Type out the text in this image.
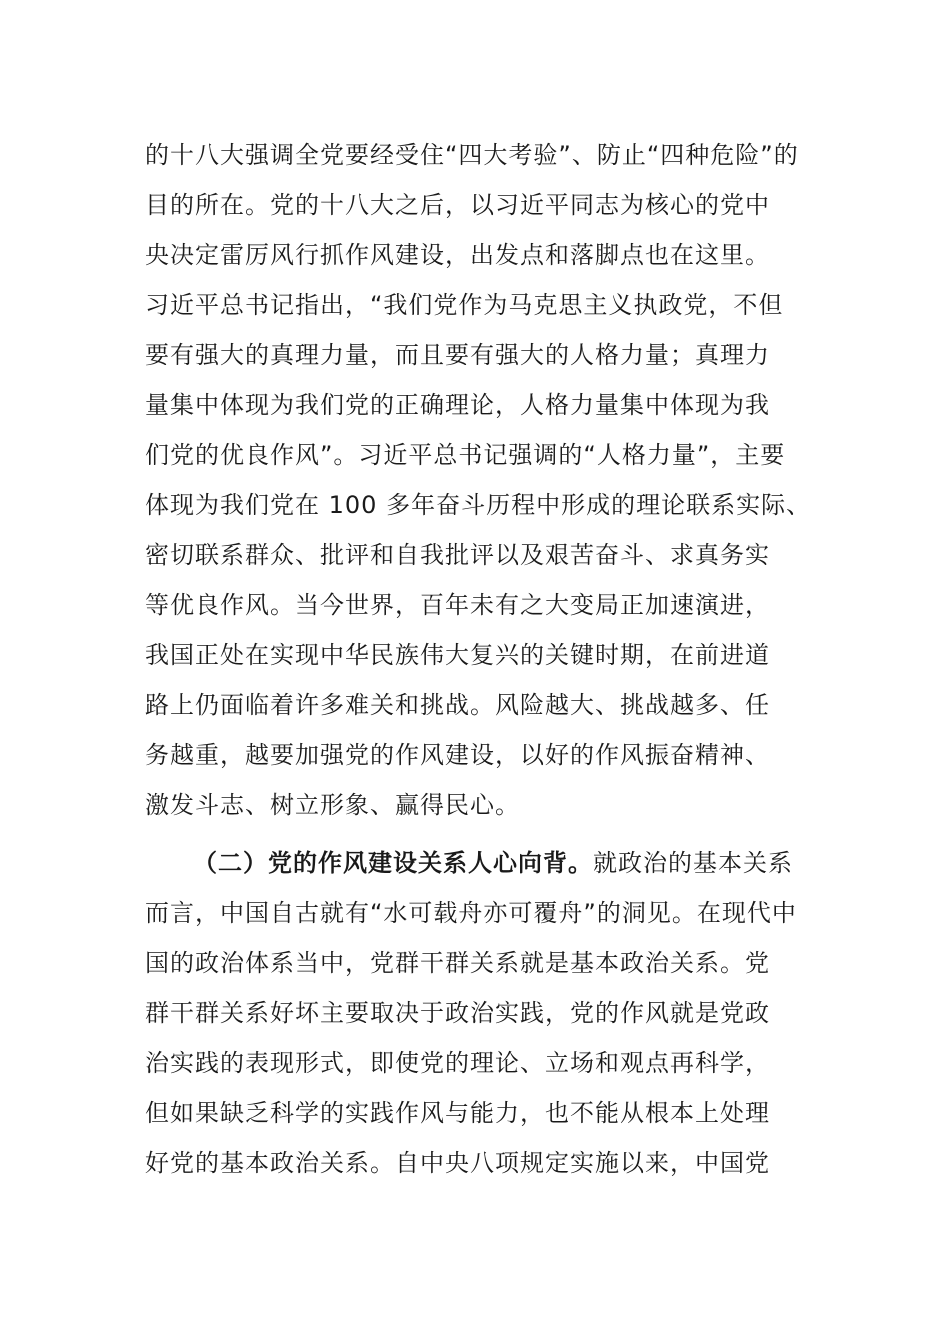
的十八大强调全党要经受住“四大考验”、防止“四种危险”的
目的所在。党的十八大之后，以习近平同志为核心的党中
央决定雷厉风行抓作风建设，出发点和落脚点也在这里。
习近平总书记指出，“我们党作为马克思主义执政党，不但
要有强大的真理力量，而且要有强大的人格力量；真理力
量集中体现为我们党的正确理论，人格力量集中体现为我
们党的优良作风”。习近平总书记强调的“人格力量”，主要
体现为我们党在 100 多年奋斗历程中形成的理论联系实际、
密切联系群众、批评和自我批评以及艰苦奋斗、求真务实
等优良作风。当今世界，百年未有之大变局正加速演进，
我国正处在实现中华民族伟大复兴的关键时期，在前进道
路上仍面临着许多难关和挑战。风险越大、挑战越多、任
务越重，越要加强党的作风建设，以好的作风振奋精神、
激发斗志、树立形象、赢得民心。
（二）党的作风建设关系人心向背。就政治的基本关系
而言，中国自古就有“水可载舟亦可覆舟”的洞见。在现代中
国的政治体系当中，党群干群关系就是基本政治关系。党
群干群关系好坏主要取决于政治实践，党的作风就是党政
治实践的表现形式，即使党的理论、立场和观点再科学，
但如果缺乏科学的实践作风与能力，也不能从根本上处理
好党的基本政治关系。自中央八项规定实施以来，中国党
